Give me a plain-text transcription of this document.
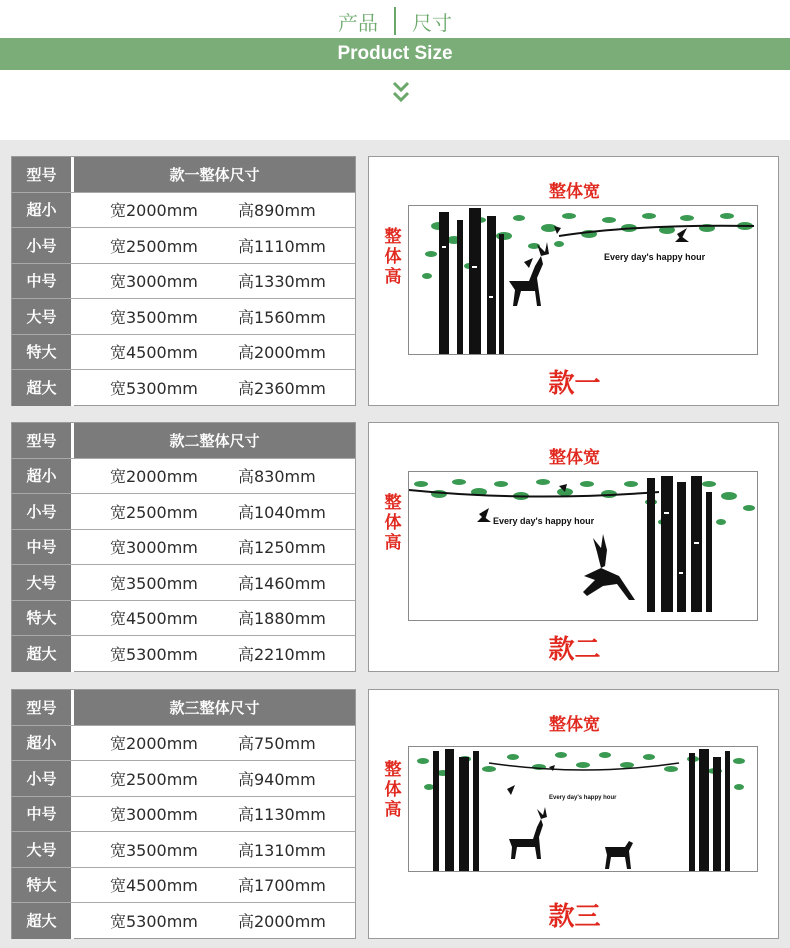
产品 尺寸
Product Size
型号	款一整体尺寸
超小	宽2000mm	高890mm
小号	宽2500mm	高1110mm
中号	宽3000mm	高1330mm
大号	宽3500mm	高1560mm
特大	宽4500mm	高2000mm
超大	宽5300mm	高2360mm
整体宽
整体高
Every day's happy hour
款一
型号	款二整体尺寸
超小	宽2000mm	高830mm
小号	宽2500mm	高1040mm
中号	宽3000mm	高1250mm
大号	宽3500mm	高1460mm
特大	宽4500mm	高1880mm
超大	宽5300mm	高2210mm
整体宽
整体高
Every day's happy hour
款二
型号	款三整体尺寸
超小	宽2000mm	高750mm
小号	宽2500mm	高940mm
中号	宽3000mm	高1130mm
大号	宽3500mm	高1310mm
特大	宽4500mm	高1700mm
超大	宽5300mm	高2000mm
整体宽
整体高
Every day's happy hour
款三
